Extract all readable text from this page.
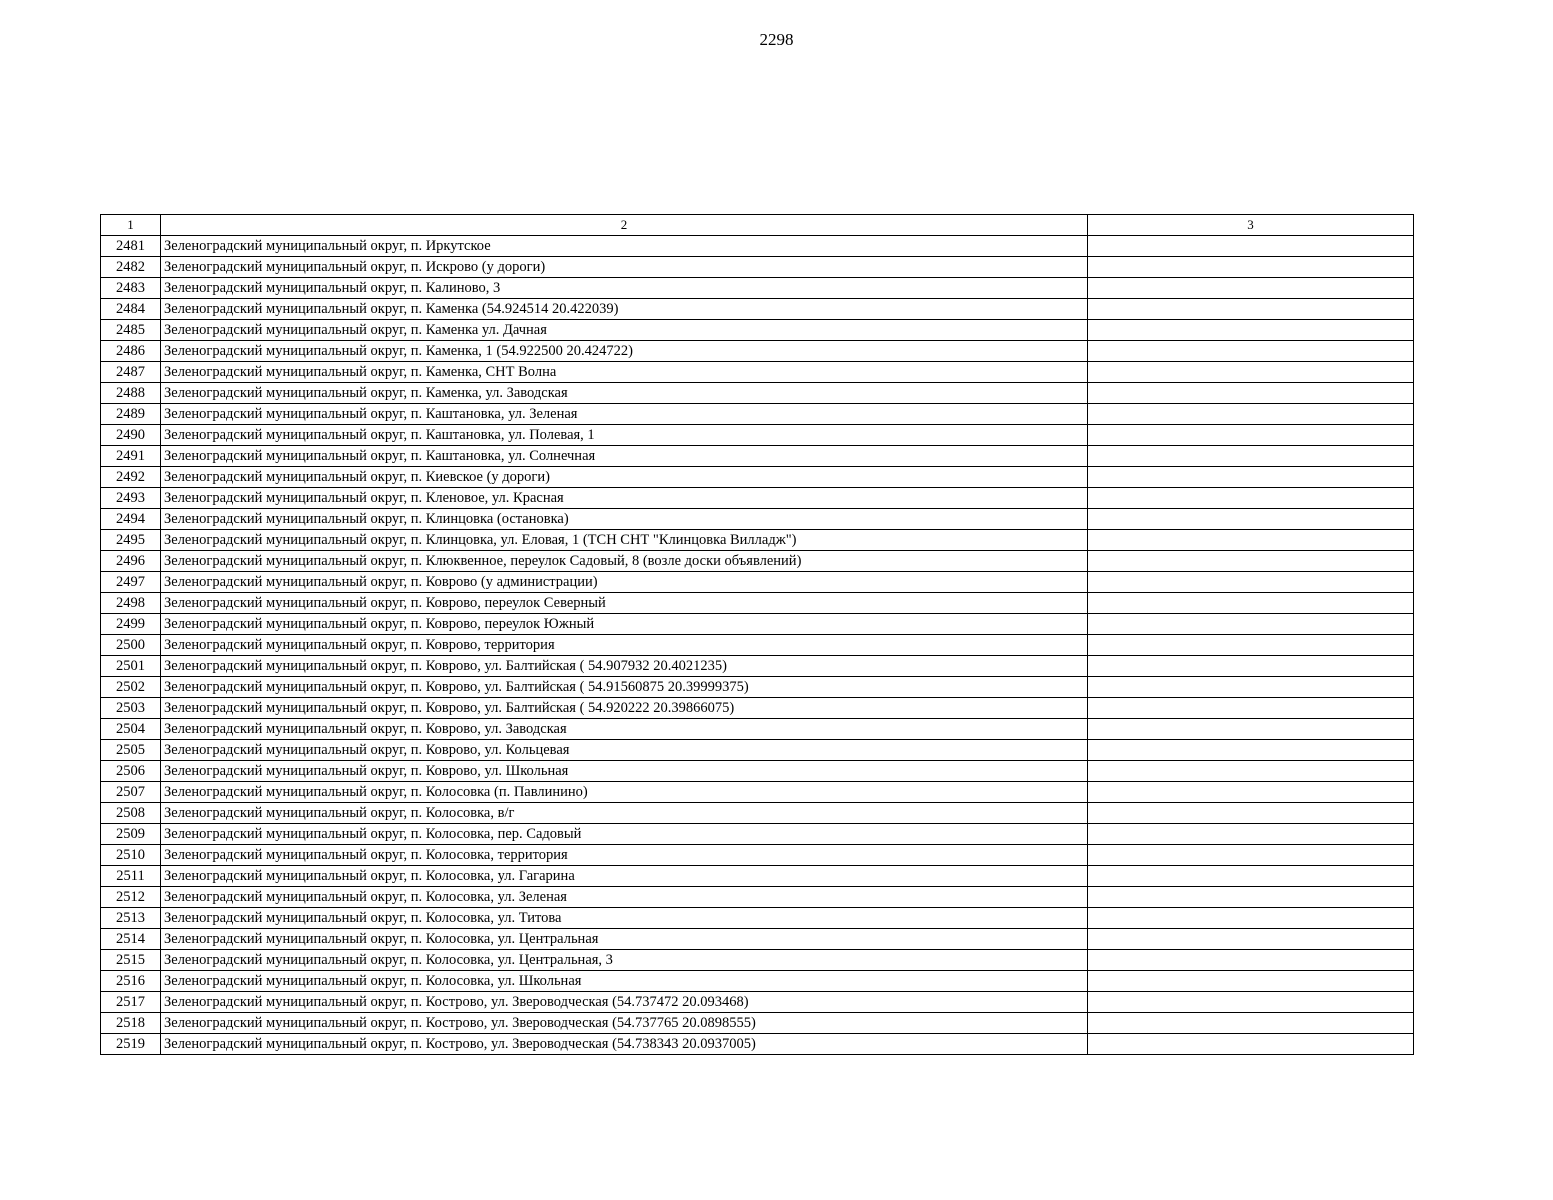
2298
1	2	3
2481	Зеленоградский муниципальный округ, п. Иркутское	
2482	Зеленоградский муниципальный округ, п. Искрово (у дороги)	
2483	Зеленоградский муниципальный округ, п. Калиново, 3	
2484	Зеленоградский муниципальный округ, п. Каменка (54.924514 20.422039)	
2485	Зеленоградский муниципальный округ, п. Каменка ул. Дачная	
2486	Зеленоградский муниципальный округ, п. Каменка, 1 (54.922500 20.424722)	
2487	Зеленоградский муниципальный округ, п. Каменка, СНТ Волна	
2488	Зеленоградский муниципальный округ, п. Каменка, ул. Заводская	
2489	Зеленоградский муниципальный округ, п. Каштановка, ул. Зеленая	
2490	Зеленоградский муниципальный округ, п. Каштановка, ул. Полевая, 1	
2491	Зеленоградский муниципальный округ, п. Каштановка, ул. Солнечная	
2492	Зеленоградский муниципальный округ, п. Киевское (у дороги)	
2493	Зеленоградский муниципальный округ, п. Кленовое, ул. Красная	
2494	Зеленоградский муниципальный округ, п. Клинцовка (остановка)	
2495	Зеленоградский муниципальный округ, п. Клинцовка, ул. Еловая, 1 (ТСН СНТ "Клинцовка Вилладж")	
2496	Зеленоградский муниципальный округ, п. Клюквенное, переулок Садовый, 8 (возле доски объявлений)	
2497	Зеленоградский муниципальный округ, п. Коврово (у администрации)	
2498	Зеленоградский муниципальный округ, п. Коврово, переулок Северный	
2499	Зеленоградский муниципальный округ, п. Коврово, переулок Южный	
2500	Зеленоградский муниципальный округ, п. Коврово, территория	
2501	Зеленоградский муниципальный округ, п. Коврово, ул. Балтийская ( 54.907932 20.4021235)	
2502	Зеленоградский муниципальный округ, п. Коврово, ул. Балтийская ( 54.91560875 20.39999375)	
2503	Зеленоградский муниципальный округ, п. Коврово, ул. Балтийская ( 54.920222 20.39866075)	
2504	Зеленоградский муниципальный округ, п. Коврово, ул. Заводская	
2505	Зеленоградский муниципальный округ, п. Коврово, ул. Кольцевая	
2506	Зеленоградский муниципальный округ, п. Коврово, ул. Школьная	
2507	Зеленоградский муниципальный округ, п. Колосовка (п. Павлинино)	
2508	Зеленоградский муниципальный округ, п. Колосовка, в/г	
2509	Зеленоградский муниципальный округ, п. Колосовка, пер. Садовый	
2510	Зеленоградский муниципальный округ, п. Колосовка, территория	
2511	Зеленоградский муниципальный округ, п. Колосовка, ул. Гагарина	
2512	Зеленоградский муниципальный округ, п. Колосовка, ул. Зеленая	
2513	Зеленоградский муниципальный округ, п. Колосовка, ул. Титова	
2514	Зеленоградский муниципальный округ, п. Колосовка, ул. Центральная	
2515	Зеленоградский муниципальный округ, п. Колосовка, ул. Центральная, 3	
2516	Зеленоградский муниципальный округ, п. Колосовка, ул. Школьная	
2517	Зеленоградский муниципальный округ, п. Кострово, ул. Звероводческая (54.737472 20.093468)	
2518	Зеленоградский муниципальный округ, п. Кострово, ул. Звероводческая (54.737765 20.0898555)	
2519	Зеленоградский муниципальный округ, п. Кострово, ул. Звероводческая (54.738343 20.0937005)	
